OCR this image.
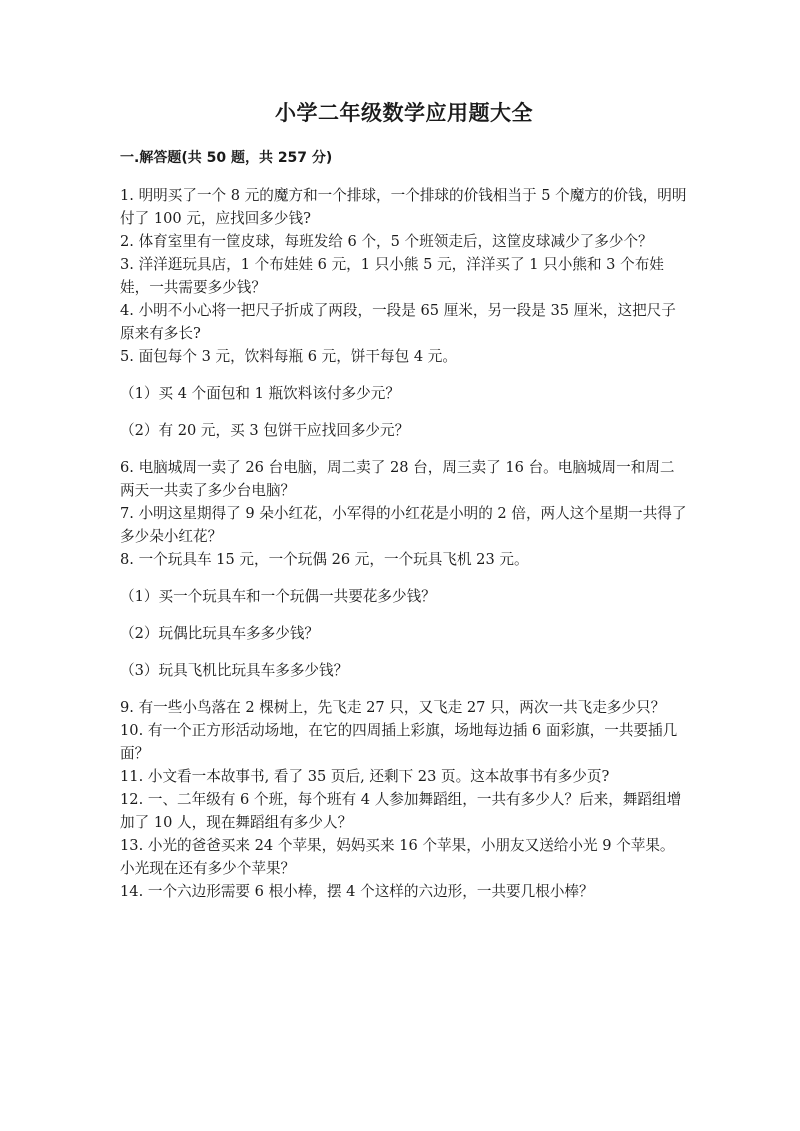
小学二年级数学应用题大全
一.解答题(共 50 题，共 257 分)
1. 明明买了一个 8 元的魔方和一个排球，一个排球的价钱相当于 5 个魔方的价钱，明明付了 100 元，应找回多少钱?
2. 体育室里有一筐皮球，每班发给 6 个，5 个班领走后，这筐皮球减少了多少个？
3. 洋洋逛玩具店，1 个布娃娃 6 元，1 只小熊 5 元，洋洋买了 1 只小熊和 3 个布娃娃，一共需要多少钱？
4. 小明不小心将一把尺子折成了两段，一段是 65 厘米，另一段是 35 厘米，这把尺子原来有多长?
5. 面包每个 3 元，饮料每瓶 6 元，饼干每包 4 元。
（1）买 4 个面包和 1 瓶饮料该付多少元？
（2）有 20 元，买 3 包饼干应找回多少元？
6. 电脑城周一卖了 26 台电脑，周二卖了 28 台，周三卖了 16 台。电脑城周一和周二两天一共卖了多少台电脑？
7. 小明这星期得了 9 朵小红花，小军得的小红花是小明的 2 倍，两人这个星期一共得了多少朵小红花？
8. 一个玩具车 15 元，一个玩偶 26 元，一个玩具飞机 23 元。
（1）买一个玩具车和一个玩偶一共要花多少钱？
（2）玩偶比玩具车多多少钱？
（3）玩具飞机比玩具车多多少钱？
9. 有一些小鸟落在 2 棵树上，先飞走 27 只，又飞走 27 只，两次一共飞走多少只？
10. 有一个正方形活动场地，在它的四周插上彩旗，场地每边插 6 面彩旗，一共要插几面？
11. 小文看一本故事书, 看了 35 页后, 还剩下 23 页。这本故事书有多少页?
12. 一、二年级有 6 个班，每个班有 4 人参加舞蹈组，一共有多少人？后来，舞蹈组增加了 10 人，现在舞蹈组有多少人？
13. 小光的爸爸买来 24 个苹果，妈妈买来 16 个苹果，小朋友又送给小光 9 个苹果。小光现在还有多少个苹果？
14. 一个六边形需要 6 根小棒，摆 4 个这样的六边形，一共要几根小棒？
